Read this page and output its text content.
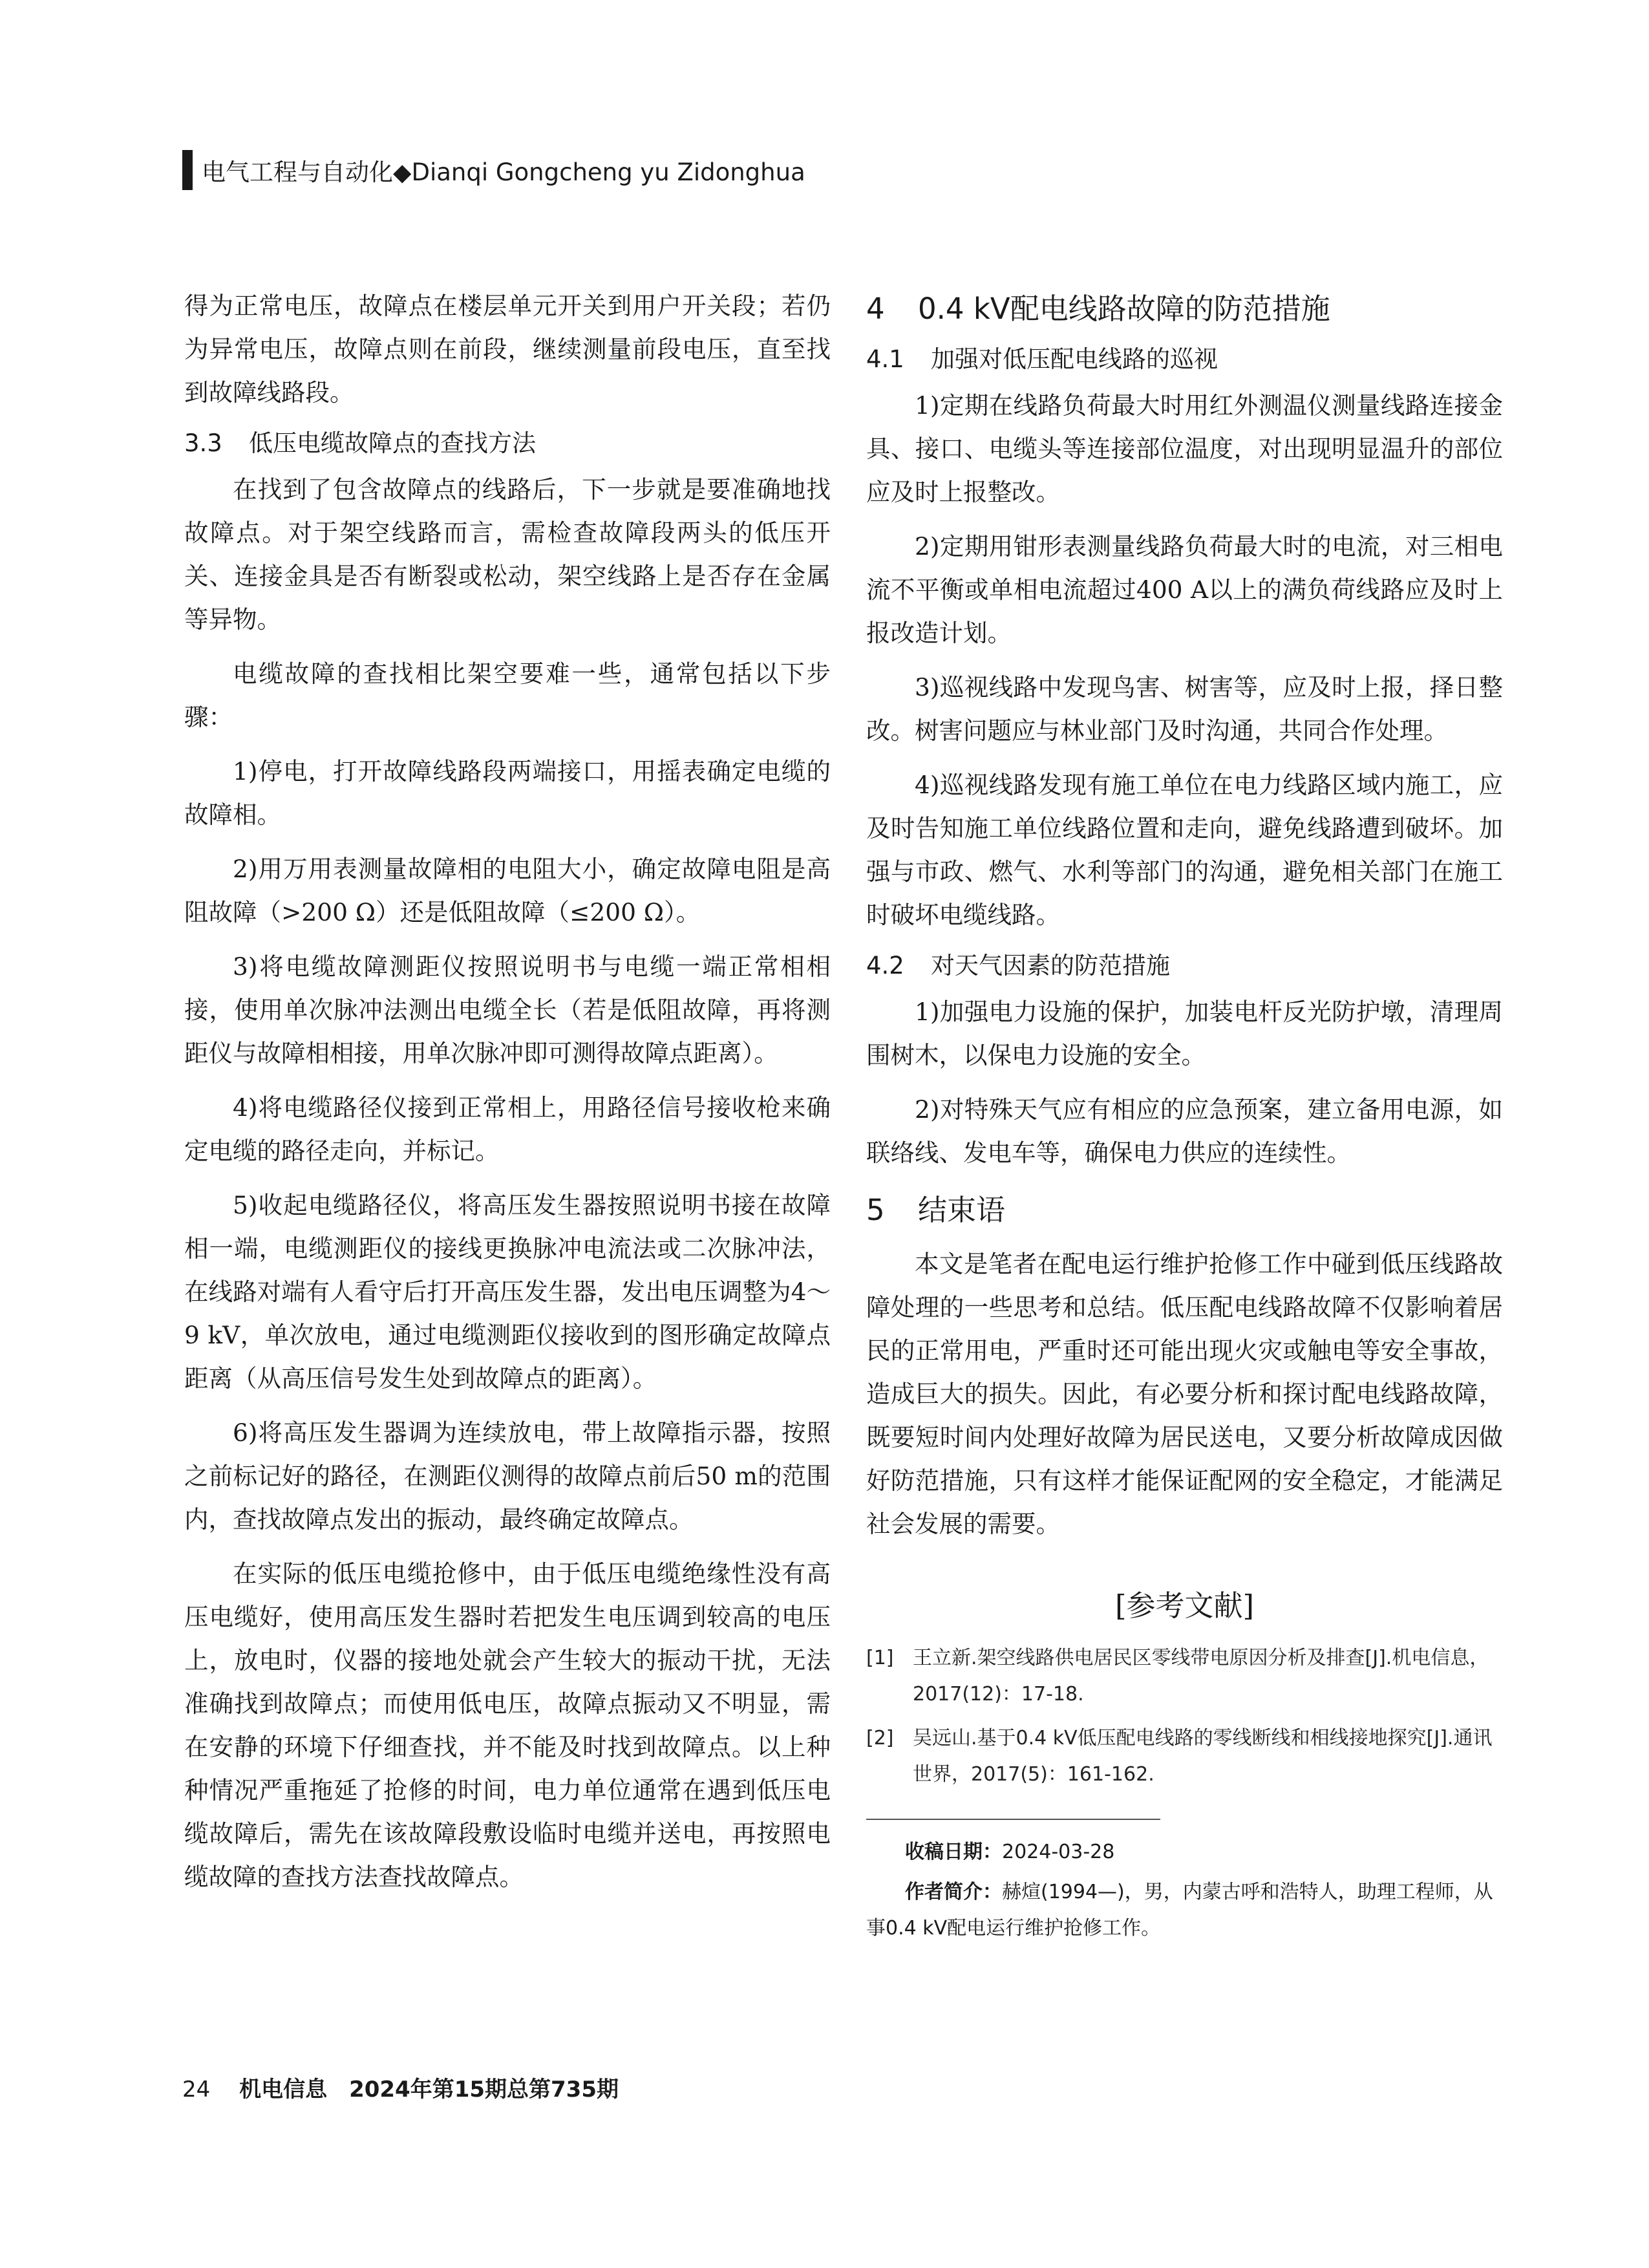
电气工程与自动化◆Dianqi Gongcheng yu Zidonghua

得为正常电压，故障点在楼层单元开关到用户开关段；若仍为异常电压，故障点则在前段，继续测量前段电压，直至找到故障线路段。

3.3 低压电缆故障点的查找方法

在找到了包含故障点的线路后，下一步就是要准确地找故障点。对于架空线路而言，需检查故障段两头的低压开关、连接金具是否有断裂或松动，架空线路上是否存在金属等异物。

电缆故障的查找相比架空要难一些，通常包括以下步骤：

1)停电，打开故障线路段两端接口，用摇表确定电缆的故障相。

2)用万用表测量故障相的电阻大小，确定故障电阻是高阻故障（>200 Ω）还是低阻故障（≤200 Ω）。

3)将电缆故障测距仪按照说明书与电缆一端正常相相接，使用单次脉冲法测出电缆全长（若是低阻故障，再将测距仪与故障相相接，用单次脉冲即可测得故障点距离）。

4)将电缆路径仪接到正常相上，用路径信号接收枪来确定电缆的路径走向，并标记。

5)收起电缆路径仪，将高压发生器按照说明书接在故障相一端，电缆测距仪的接线更换脉冲电流法或二次脉冲法，在线路对端有人看守后打开高压发生器，发出电压调整为4～9 kV，单次放电，通过电缆测距仪接收到的图形确定故障点距离（从高压信号发生处到故障点的距离）。

6)将高压发生器调为连续放电，带上故障指示器，按照之前标记好的路径，在测距仪测得的故障点前后50 m的范围内，查找故障点发出的振动，最终确定故障点。

在实际的低压电缆抢修中，由于低压电缆绝缘性没有高压电缆好，使用高压发生器时若把发生电压调到较高的电压上，放电时，仪器的接地处就会产生较大的振动干扰，无法准确找到故障点；而使用低电压，故障点振动又不明显，需在安静的环境下仔细查找，并不能及时找到故障点。以上种种情况严重拖延了抢修的时间，电力单位通常在遇到低压电缆故障后，需先在该故障段敷设临时电缆并送电，再按照电缆故障的查找方法查找故障点。

4 0.4 kV配电线路故障的防范措施
4.1 加强对低压配电线路的巡视

1)定期在线路负荷最大时用红外测温仪测量线路连接金具、接口、电缆头等连接部位温度，对出现明显温升的部位应及时上报整改。

2)定期用钳形表测量线路负荷最大时的电流，对三相电流不平衡或单相电流超过400 A以上的满负荷线路应及时上报改造计划。

3)巡视线路中发现鸟害、树害等，应及时上报，择日整改。树害问题应与林业部门及时沟通，共同合作处理。

4)巡视线路发现有施工单位在电力线路区域内施工，应及时告知施工单位线路位置和走向，避免线路遭到破坏。加强与市政、燃气、水利等部门的沟通，避免相关部门在施工时破坏电缆线路。

4.2 对天气因素的防范措施

1)加强电力设施的保护，加装电杆反光防护墩，清理周围树木，以保电力设施的安全。

2)对特殊天气应有相应的应急预案，建立备用电源，如联络线、发电车等，确保电力供应的连续性。

5 结束语

本文是笔者在配电运行维护抢修工作中碰到低压线路故障处理的一些思考和总结。低压配电线路故障不仅影响着居民的正常用电，严重时还可能出现火灾或触电等安全事故，造成巨大的损失。因此，有必要分析和探讨配电线路故障，既要短时间内处理好故障为居民送电，又要分析故障成因做好防范措施，只有这样才能保证配网的安全稳定，才能满足社会发展的需要。

[参考文献]
[1] 王立新.架空线路供电居民区零线带电原因分析及排查[J].机电信息，2017(12)：17-18.
[2] 吴远山.基于0.4 kV低压配电线路的零线断线和相线接地探究[J].通讯世界，2017(5)：161-162.

收稿日期：2024-03-28

作者简介：赫煊(1994—)，男，内蒙古呼和浩特人，助理工程师，从事0.4 kV配电运行维护抢修工作。

24 机电信息　2024年第15期总第735期
